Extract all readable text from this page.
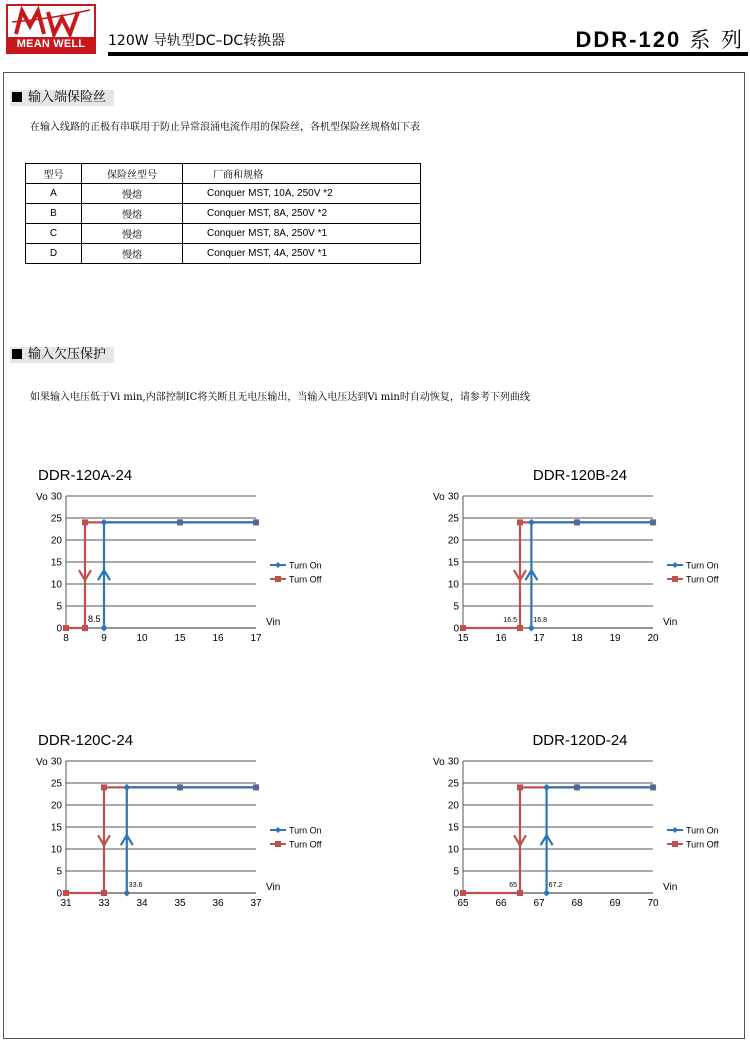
MEAN WELL	120W 导轨型DC–DC转换器	DDR-120 系 列
输入端保险丝
在输入线路的正极有串联用于防止异常浪涌电流作用的保险丝，各机型保险丝规格如下表
型号	保险丝型号	厂商和规格
A	慢熔	Conquer MST, 10A, 250V *2
B	慢熔	Conquer MST, 8A, 250V *2
C	慢熔	Conquer MST, 8A, 250V *1
D	慢熔	Conquer MST, 4A, 250V *1
输入欠压保护
如果输入电压低于Vi min,内部控制IC将关断且无电压输出，当输入电压达到Vi min时自动恢复，请参考下列曲线
DDR-120A-24
0
5
10
15
20
25
30
Vo
8	9	10	15	16	17
Vin
8.5
Turn On
Turn Off
DDR-120B-24
0
5
10
15
20
25
30
Vo
15	16	17	18	19	20
Vin
16.5 16.8
Turn On
Turn Off
DDR-120C-24
0
5
10
15
20
25
30
Vo
31	33	34	35	36	37
Vin
33.6
Turn On
Turn Off
DDR-120D-24
0
5
10
15
20
25
30
Vo
65	66	67	68	69	70
Vin
65	67.2
Turn On
Turn Off
